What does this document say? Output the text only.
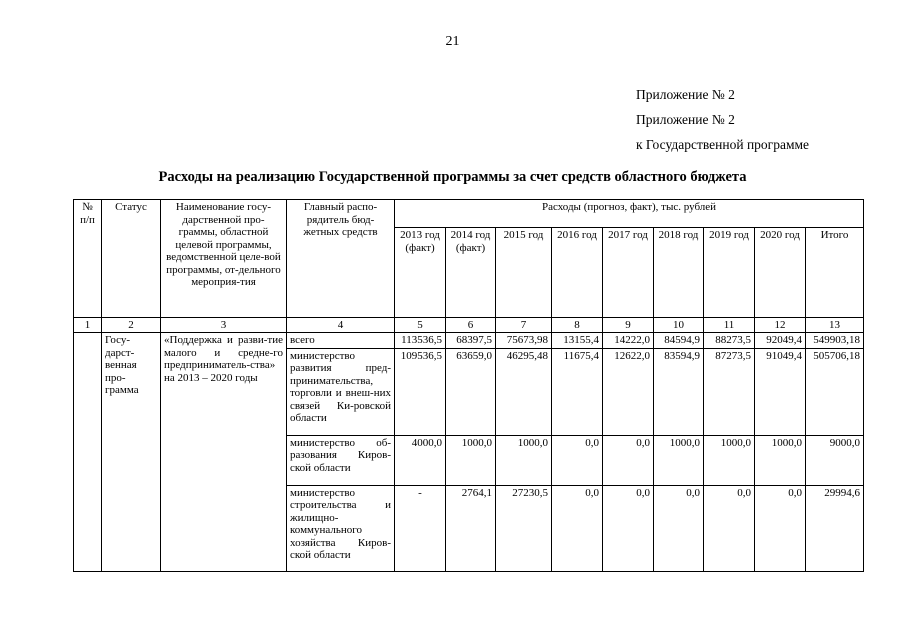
21
Приложение № 2
Приложение № 2
к Государственной программе
Расходы на реализацию Государственной программы за счет средств областного бюджета
№ п/п	Статус	Наименование госу-дарственной про-граммы, областной целевой программы, ведомственной целе-вой программы, от-дельного мероприя-тия	Главный распо-рядитель бюд-жетных средств	Расходы (прогноз, факт), тыс. рублей								
				2013 год (факт)	2014 год (факт)	2015 год	2016 год	2017 год	2018 год	2019 год	2020 год	Итого
1	2	3	4	5	6	7	8	9	10	11	12	13
	Госу-дарст-венная про-грамма	«Поддержка и разви-тие малого и средне-го предприниматель-ства» на 2013 – 2020 годы	всего	113536,5	68397,5	75673,98	13155,4	14222,0	84594,9	88273,5	92049,4	549903,18
			министерство развития пред-принимательства, торговли и внеш-них связей Ки-ровской области	109536,5	63659,0	46295,48	11675,4	12622,0	83594,9	87273,5	91049,4	505706,18
			министерство об-разования Киров-ской области	4000,0	1000,0	1000,0	0,0	0,0	1000,0	1000,0	1000,0	9000,0
			министерство строительства и жилищно-коммунального хозяйства Киров-ской области	-	2764,1	27230,5	0,0	0,0	0,0	0,0	0,0	29994,6
